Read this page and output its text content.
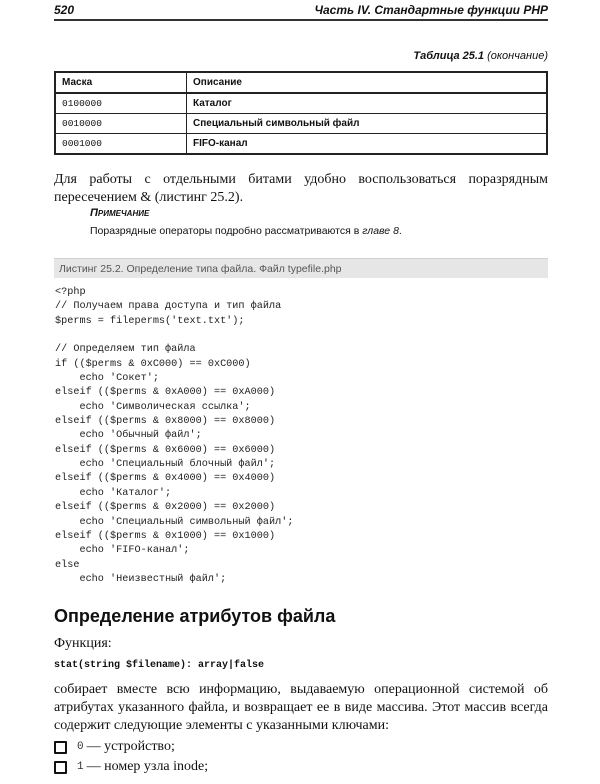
520	Часть IV. Стандартные функции PHP
Таблица 25.1 (окончание)
Маска	Описание
0100000	Каталог
0010000	Специальный символьный файл
0001000	FIFO-канал
Для работы с отдельными битами удобно воспользоваться поразрядным пересечением & (листинг 25.2).
Примечание
Поразрядные операторы подробно рассматриваются в главе 8.
Листинг 25.2. Определение типа файла. Файл typefile.php
<?php
// Получаем права доступа и тип файла
$perms = fileperms('text.txt');

// Определяем тип файла
if (($perms & 0xC000) == 0xC000)
echo 'Сокет';
elseif (($perms & 0xA000) == 0xA000)
echo 'Символическая ссылка';
elseif (($perms & 0x8000) == 0x8000)
echo 'Обычный файл';
elseif (($perms & 0x6000) == 0x6000)
echo 'Специальный блочный файл';
elseif (($perms & 0x4000) == 0x4000)
echo 'Каталог';
elseif (($perms & 0x2000) == 0x2000)
echo 'Специальный символьный файл';
elseif (($perms & 0x1000) == 0x1000)
echo 'FIFO-канал';
else
echo 'Неизвестный файл';
Определение атрибутов файла
Функция:
stat(string $filename): array|false
собирает вместе всю информацию, выдаваемую операционной системой об атрибутах указанного файла, и возвращает ее в виде массива. Этот массив всегда содержит следующие элементы с указанными ключами:
0 — устройство;
1 — номер узла inode;
